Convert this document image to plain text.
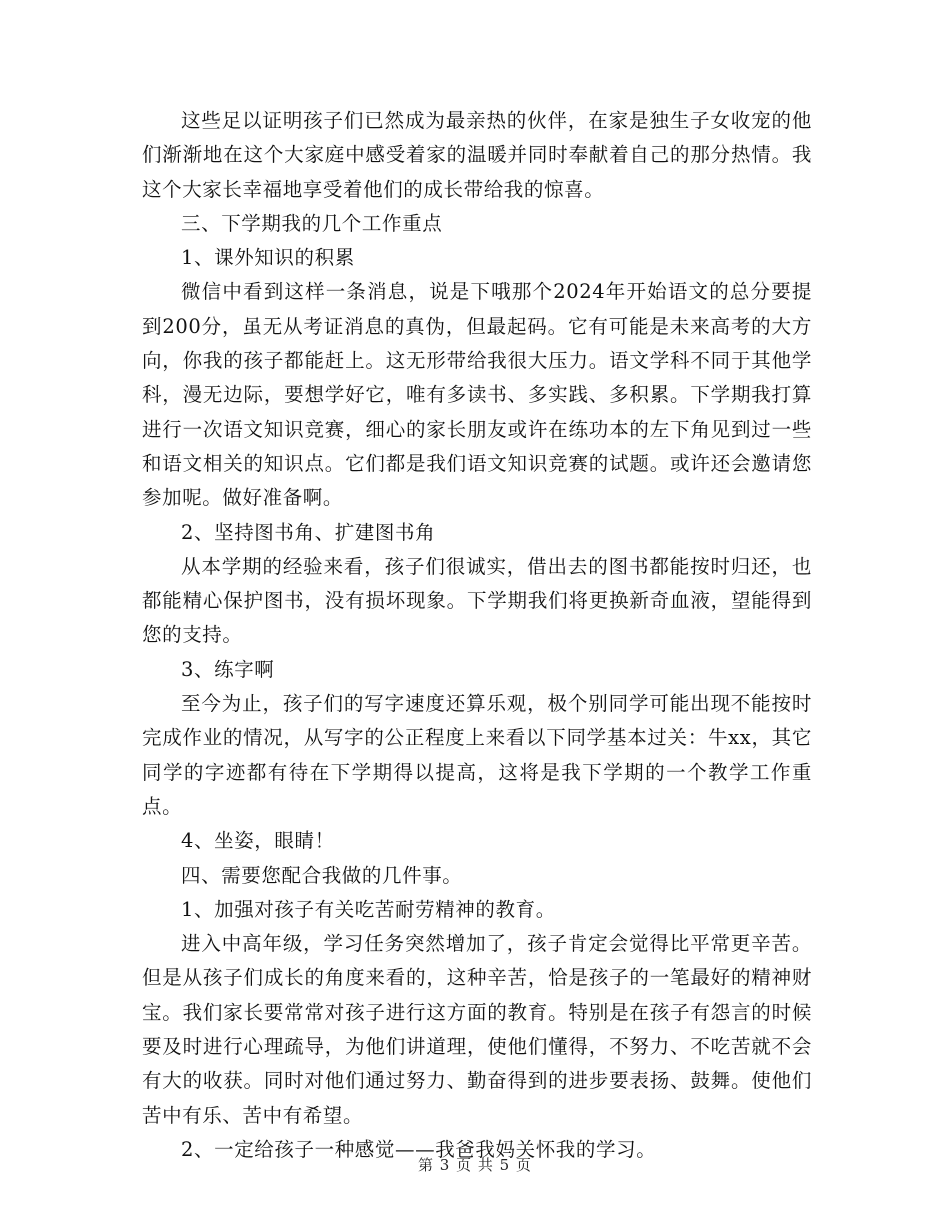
这些足以证明孩子们已然成为最亲热的伙伴，在家是独生子女收宠的他们渐渐地在这个大家庭中感受着家的温暖并同时奉献着自己的那分热情。我这个大家长幸福地享受着他们的成长带给我的惊喜。

三、下学期我的几个工作重点

1、课外知识的积累

微信中看到这样一条消息，说是下哦那个2024年开始语文的总分要提到200分，虽无从考证消息的真伪，但最起码。它有可能是未来高考的大方向，你我的孩子都能赶上。这无形带给我很大压力。语文学科不同于其他学科，漫无边际，要想学好它，唯有多读书、多实践、多积累。下学期我打算进行一次语文知识竞赛，细心的家长朋友或许在练功本的左下角见到过一些和语文相关的知识点。它们都是我们语文知识竞赛的试题。或许还会邀请您参加呢。做好准备啊。

2、坚持图书角、扩建图书角

从本学期的经验来看，孩子们很诚实，借出去的图书都能按时归还，也都能精心保护图书，没有损坏现象。下学期我们将更换新奇血液，望能得到您的支持。

3、练字啊

至今为止，孩子们的写字速度还算乐观，极个别同学可能出现不能按时完成作业的情况，从写字的公正程度上来看以下同学基本过关：牛xx，其它同学的字迹都有待在下学期得以提高，这将是我下学期的一个教学工作重点。

4、坐姿，眼睛！

四、需要您配合我做的几件事。

1、加强对孩子有关吃苦耐劳精神的教育。

进入中高年级，学习任务突然增加了，孩子肯定会觉得比平常更辛苦。但是从孩子们成长的角度来看的，这种辛苦，恰是孩子的一笔最好的精神财宝。我们家长要常常对孩子进行这方面的教育。特别是在孩子有怨言的时候要及时进行心理疏导，为他们讲道理，使他们懂得，不努力、不吃苦就不会有大的收获。同时对他们通过努力、勤奋得到的进步要表扬、鼓舞。使他们苦中有乐、苦中有希望。

2、一定给孩子一种感觉——我爸我妈关怀我的学习。

第 3 页 共 5 页
